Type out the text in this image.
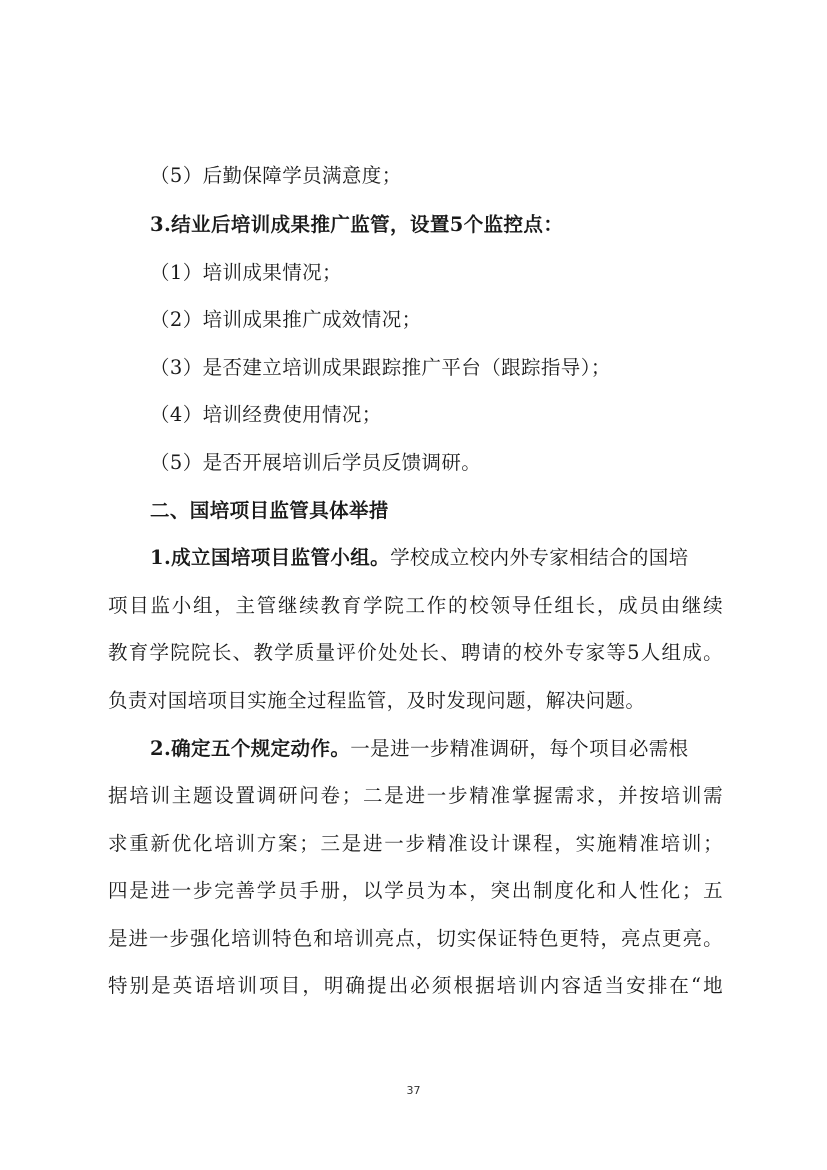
（5）后勤保障学员满意度；
3.结业后培训成果推广监管，设置5个监控点：
（1）培训成果情况；
（2）培训成果推广成效情况；
（3）是否建立培训成果跟踪推广平台（跟踪指导）；
（4）培训经费使用情况；
（5）是否开展培训后学员反馈调研。
二、国培项目监管具体举措
1.成立国培项目监管小组。学校成立校内外专家相结合的国培
项目监小组，主管继续教育学院工作的校领导任组长，成员由继续
教育学院院长、教学质量评价处处长、聘请的校外专家等5人组成。
负责对国培项目实施全过程监管，及时发现问题，解决问题。
2.确定五个规定动作。一是进一步精准调研，每个项目必需根
据培训主题设置调研问卷；二是进一步精准掌握需求，并按培训需
求重新优化培训方案；三是进一步精准设计课程，实施精准培训；
四是进一步完善学员手册，以学员为本，突出制度化和人性化；五
是进一步强化培训特色和培训亮点，切实保证特色更特，亮点更亮。
特别是英语培训项目，明确提出必须根据培训内容适当安排在“地
37
